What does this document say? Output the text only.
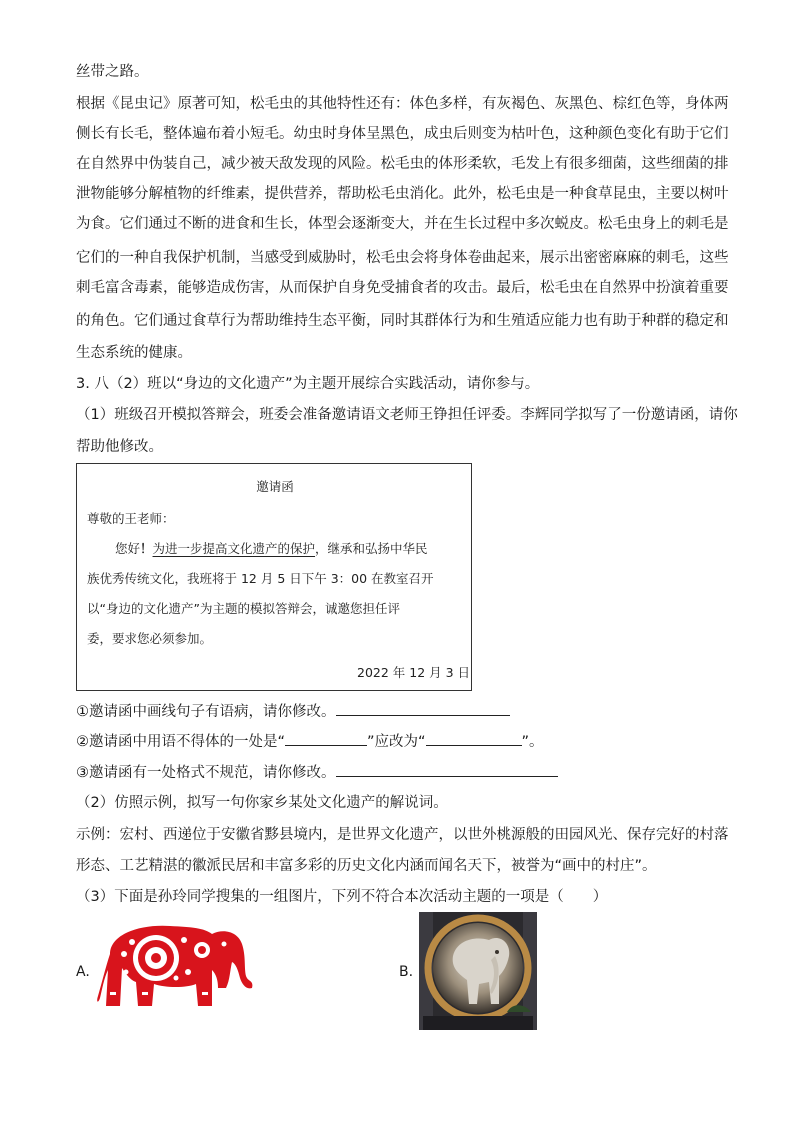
丝带之路。
根据《昆虫记》原著可知，松毛虫的其他特性还有：体色多样，有灰褐色、灰黑色、棕红色等，身体两
侧长有长毛，整体遍布着小短毛。幼虫时身体呈黑色，成虫后则变为枯叶色，这种颜色变化有助于它们
在自然界中伪装自己，减少被天敌发现的风险。松毛虫的体形柔软，毛发上有很多细菌，这些细菌的排
泄物能够分解植物的纤维素，提供营养，帮助松毛虫消化。此外，松毛虫是一种食草昆虫，主要以树叶
为食。它们通过不断的进食和生长，体型会逐渐变大，并在生长过程中多次蜕皮。松毛虫身上的刺毛是
它们的一种自我保护机制，当感受到威胁时，松毛虫会将身体卷曲起来，展示出密密麻麻的刺毛，这些
刺毛富含毒素，能够造成伤害，从而保护自身免受捕食者的攻击。最后，松毛虫在自然界中扮演着重要
的角色。它们通过食草行为帮助维持生态平衡，同时其群体行为和生殖适应能力也有助于种群的稳定和
生态系统的健康。
3. 八（2）班以“身边的文化遗产”为主题开展综合实践活动，请你参与。
（1）班级召开模拟答辩会，班委会准备邀请语文老师王铮担任评委。李辉同学拟写了一份邀请函，请你
帮助他修改。
邀请函
尊敬的王老师：
您好！为进一步提高文化遗产的保护，继承和弘扬中华民
族优秀传统文化，我班将于 12 月 5 日下午 3：00 在教室召开
以“身边的文化遗产”为主题的模拟答辩会，诚邀您担任评
委，要求您必须参加。
2022 年 12 月 3 日
①邀请函中画线句子有语病，请你修改。
②邀请函中用语不得体的一处是“	”应改为“	”。
③邀请函有一处格式不规范，请你修改。
（2）仿照示例，拟写一句你家乡某处文化遗产的解说词。
示例：宏村、西递位于安徽省黟县境内，是世界文化遗产，以世外桃源般的田园风光、保存完好的村落
形态、工艺精湛的徽派民居和丰富多彩的历史文化内涵而闻名天下，被誉为“画中的村庄”。
（3）下面是孙玲同学搜集的一组图片，下列不符合本次活动主题的一项是（　　）
A.	B.
